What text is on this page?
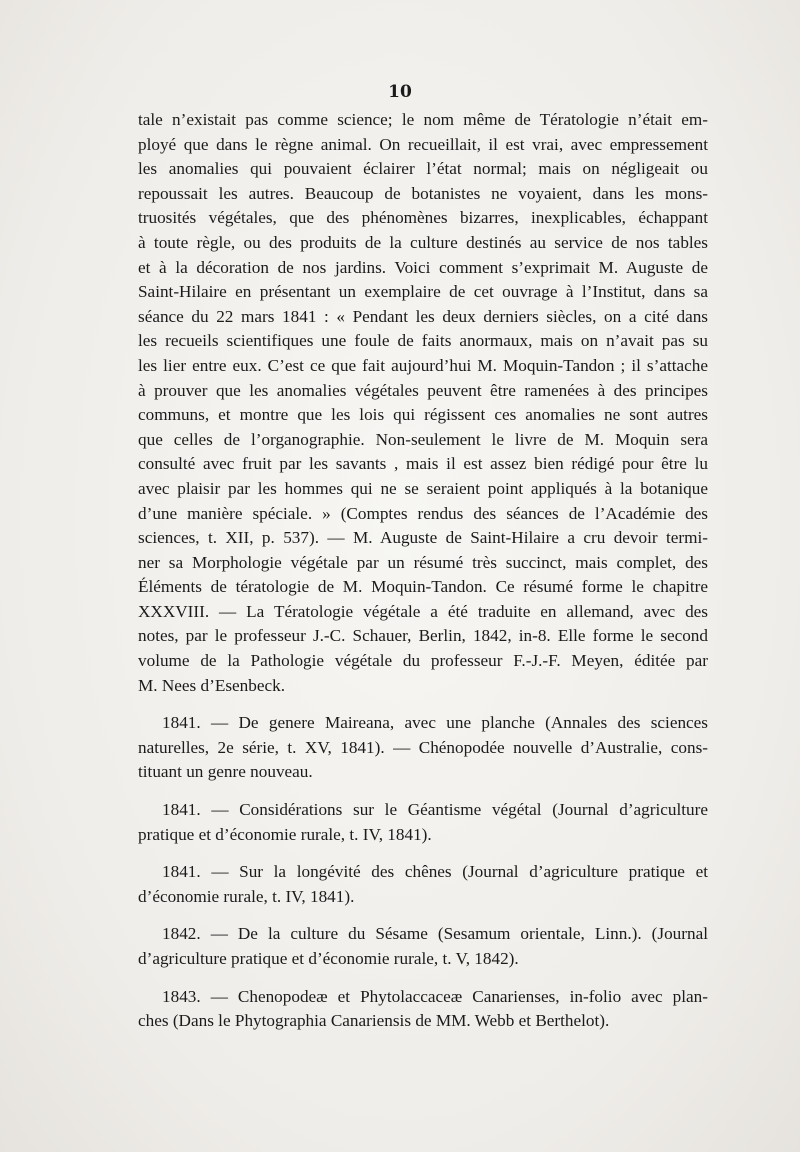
10
tale n’existait pas comme science; le nom même de Tératologie n’était em-
ployé que dans le règne animal. On recueillait, il est vrai, avec empressement
les anomalies qui pouvaient éclairer l’état normal; mais on négligeait ou
repoussait les autres. Beaucoup de botanistes ne voyaient, dans les mons-
truosités végétales, que des phénomènes bizarres, inexplicables, échappant
à toute règle, ou des produits de la culture destinés au service de nos tables
et à la décoration de nos jardins. Voici comment s’exprimait M. Auguste de
Saint-Hilaire en présentant un exemplaire de cet ouvrage à l’Institut, dans sa
séance du 22 mars 1841 : « Pendant les deux derniers siècles, on a cité dans
les recueils scientifiques une foule de faits anormaux, mais on n’avait pas su
les lier entre eux. C’est ce que fait aujourd’hui M. Moquin-Tandon ; il s’attache
à prouver que les anomalies végétales peuvent être ramenées à des principes
communs, et montre que les lois qui régissent ces anomalies ne sont autres
que celles de l’organographie. Non-seulement le livre de M. Moquin sera
consulté avec fruit par les savants , mais il est assez bien rédigé pour être lu
avec plaisir par les hommes qui ne se seraient point appliqués à la botanique
d’une manière spéciale. » (Comptes rendus des séances de l’Académie des
sciences, t. XII, p. 537). — M. Auguste de Saint-Hilaire a cru devoir termi-
ner sa Morphologie végétale par un résumé très succinct, mais complet, des
Éléments de tératologie de M. Moquin-Tandon. Ce résumé forme le chapitre
XXXVIII. — La Tératologie végétale a été traduite en allemand, avec des
notes, par le professeur J.-C. Schauer, Berlin, 1842, in-8. Elle forme le second
volume de la Pathologie végétale du professeur F.-J.-F. Meyen, éditée par
M. Nees d’Esenbeck.
1841. — De genere Maireana, avec une planche (Annales des sciences
naturelles, 2e série, t. XV, 1841). — Chénopodée nouvelle d’Australie, cons-
tituant un genre nouveau.
1841. — Considérations sur le Géantisme végétal (Journal d’agriculture
pratique et d’économie rurale, t. IV, 1841).
1841. — Sur la longévité des chênes (Journal d’agriculture pratique et
d’économie rurale, t. IV, 1841).
1842. — De la culture du Sésame (Sesamum orientale, Linn.). (Journal
d’agriculture pratique et d’économie rurale, t. V, 1842).
1843. — Chenopodeæ et Phytolaccaceæ Canarienses, in-folio avec plan-
ches (Dans le Phytographia Canariensis de MM. Webb et Berthelot).
